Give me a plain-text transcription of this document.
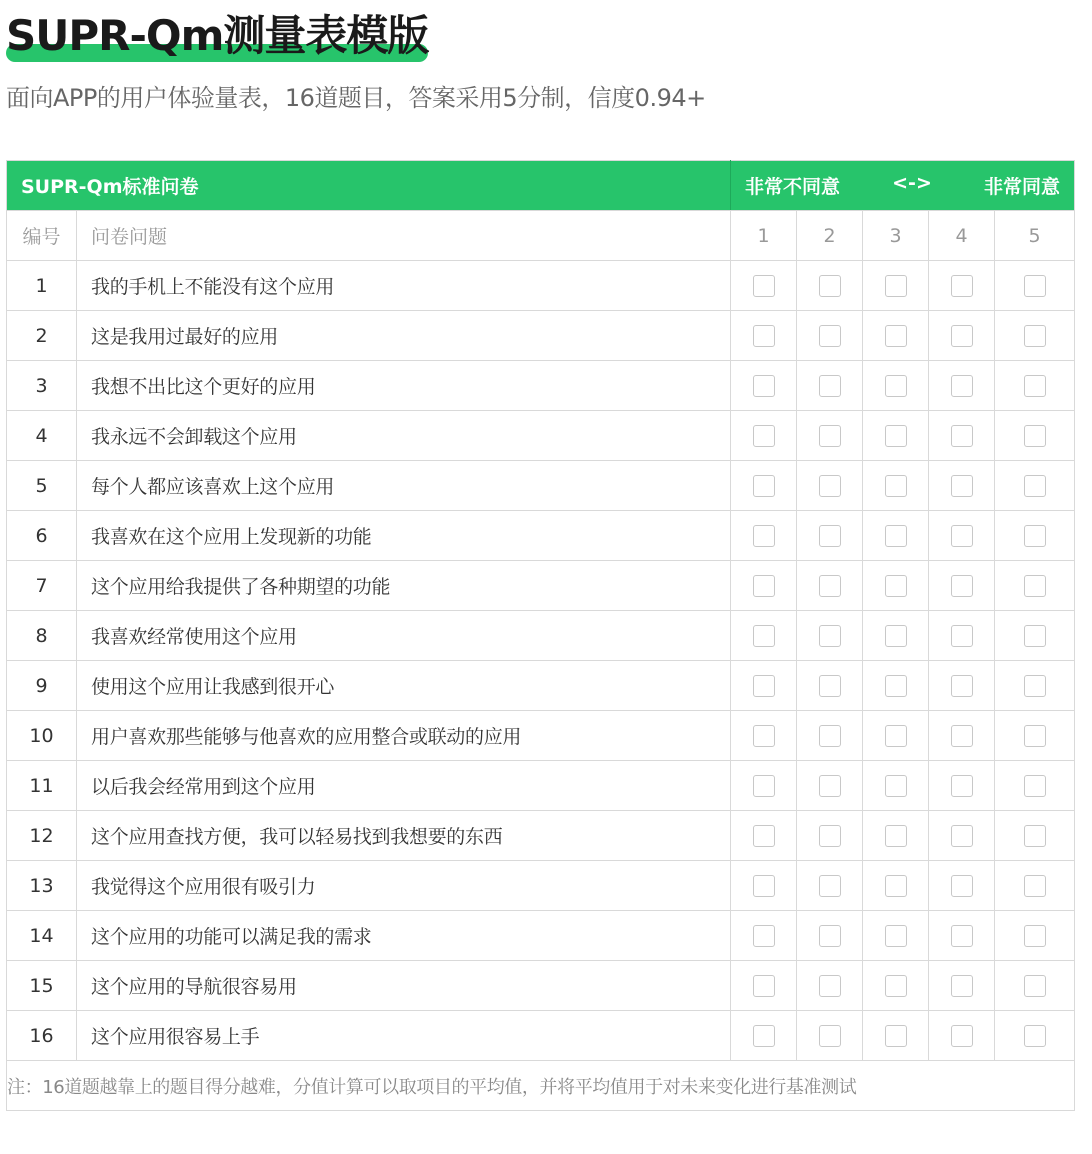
SUPR-Qm测量表模版
面向APP的用户体验量表，16道题目，答案采用5分制，信度0.94+
SUPR-Qm标准问卷		非常不同意 <-> 非常同意				

编号	问卷问题	1	2	3	4	5
1	我的手机上不能没有这个应用					
2	这是我用过最好的应用					
3	我想不出比这个更好的应用					
4	我永远不会卸载这个应用					
5	每个人都应该喜欢上这个应用					
6	我喜欢在这个应用上发现新的功能					
7	这个应用给我提供了各种期望的功能					
8	我喜欢经常使用这个应用					
9	使用这个应用让我感到很开心					
10	用户喜欢那些能够与他喜欢的应用整合或联动的应用					
11	以后我会经常用到这个应用					
12	这个应用查找方便，我可以轻易找到我想要的东西					
13	我觉得这个应用很有吸引力					
14	这个应用的功能可以满足我的需求					
15	这个应用的导航很容易用					
16	这个应用很容易上手					
注：16道题越靠上的题目得分越难，分值计算可以取项目的平均值，并将平均值用于对未来变化进行基准测试						
